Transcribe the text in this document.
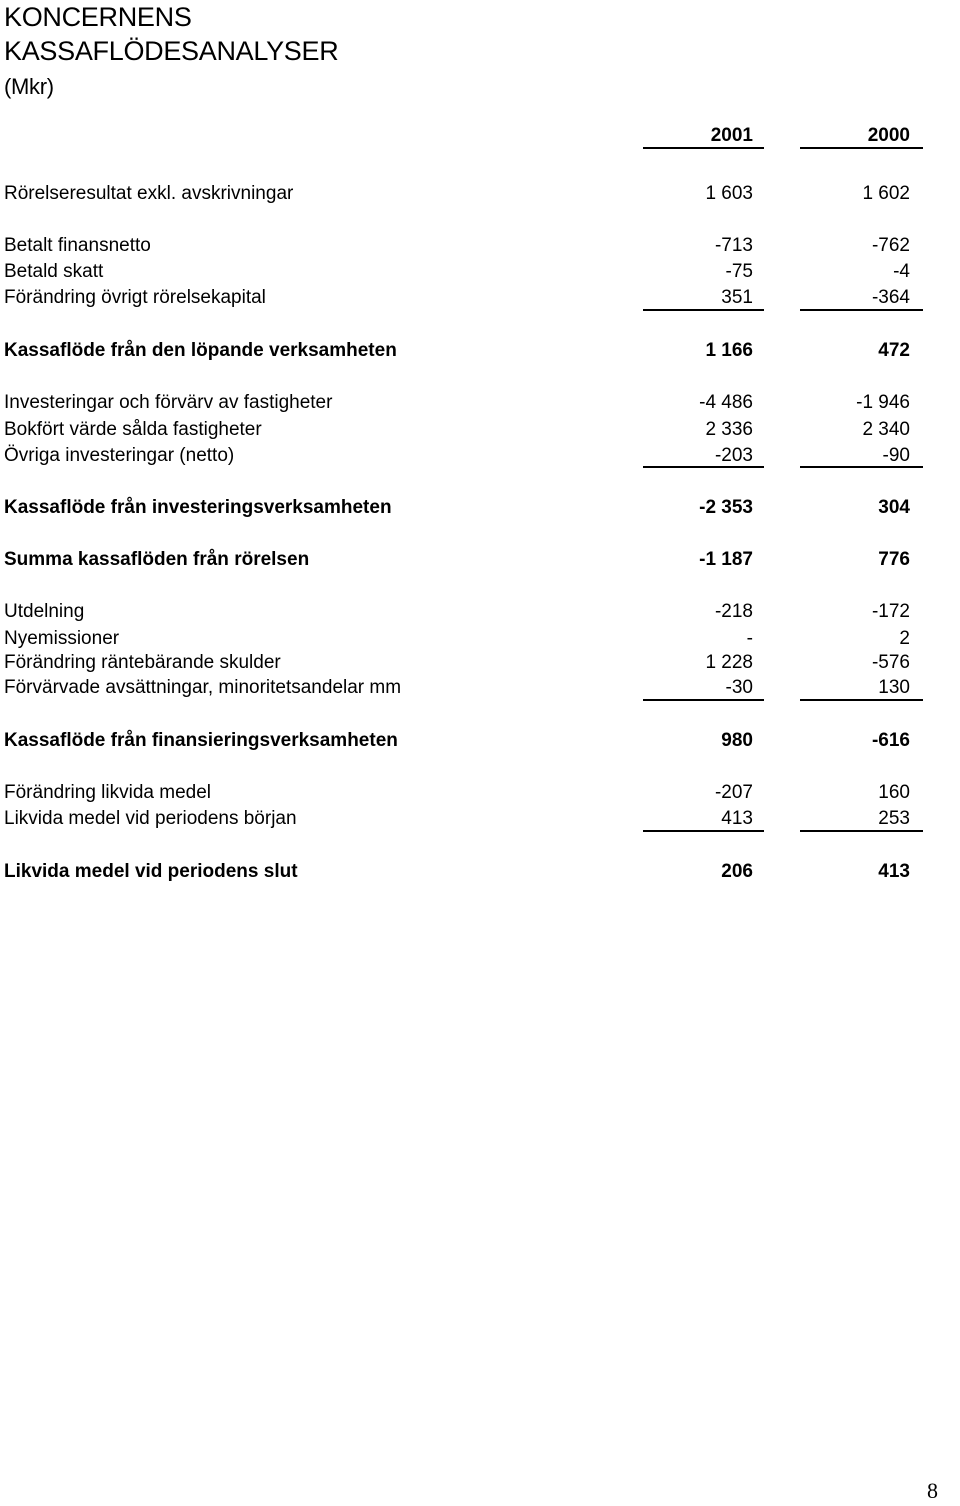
KONCERNENS
KASSAFLÖDESANALYSER
(Mkr)
2001	2000
Rörelseresultat exkl. avskrivningar	1 603	1 602
Betalt finansnetto	-713	-762
Betald skatt	-75	-4
Förändring övrigt rörelsekapital	351	-364
Kassaflöde från den löpande verksamheten	1 166	472
Investeringar och förvärv av fastigheter	-4 486	-1 946
Bokfört värde sålda fastigheter	2 336	2 340
Övriga investeringar (netto)	-203	-90
Kassaflöde från investeringsverksamheten	-2 353	304
Summa kassaflöden från rörelsen	-1 187	776
Utdelning	-218	-172
Nyemissioner	-	2
Förändring räntebärande skulder	1 228	-576
Förvärvade avsättningar, minoritetsandelar mm	-30	130
Kassaflöde från finansieringsverksamheten	980	-616
Förändring likvida medel	-207	160
Likvida medel vid periodens början	413	253
Likvida medel vid periodens slut	206	413
8
